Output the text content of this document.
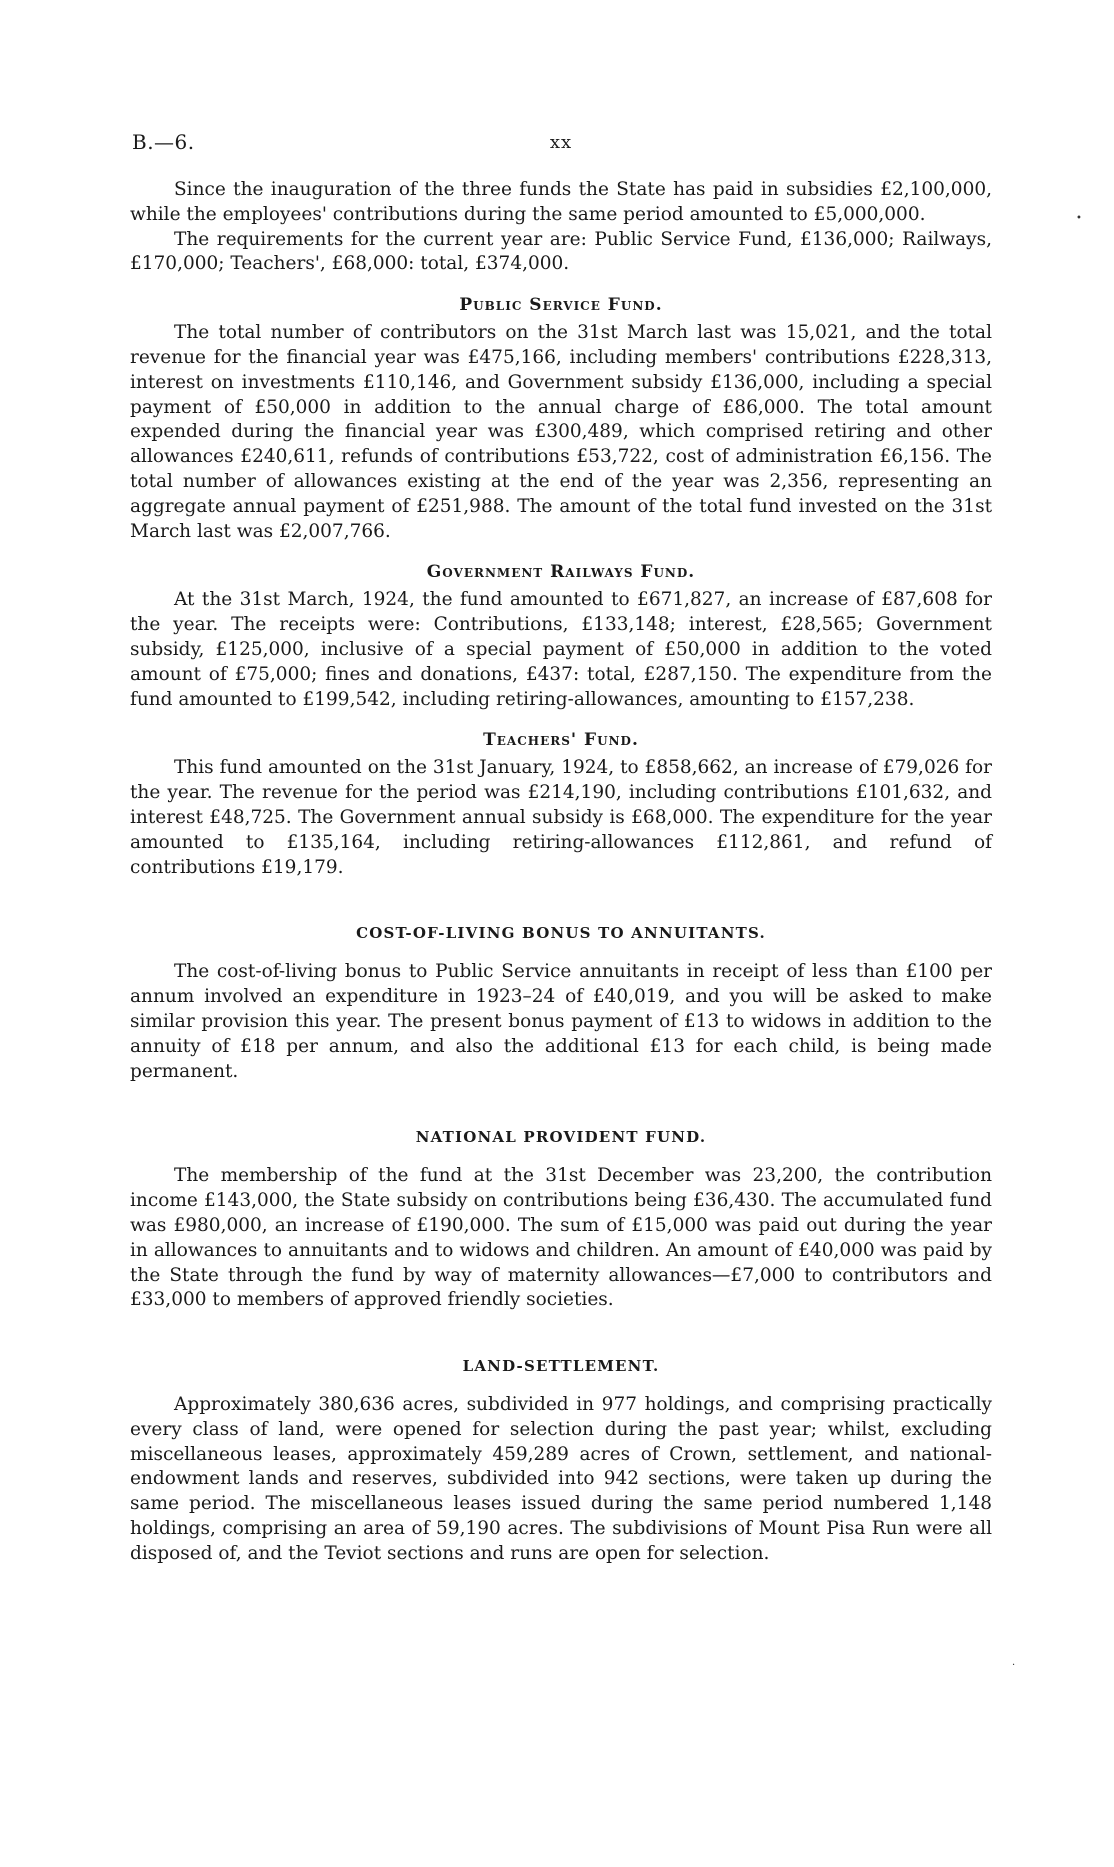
B.—6.	xx

Since the inauguration of the three funds the State has paid in subsidies £2,100,000, while the employees' contributions during the same period amounted to £5,000,000.

The requirements for the current year are: Public Service Fund, £136,000; Railways, £170,000; Teachers', £68,000: total, £374,000.

Public Service Fund.

The total number of contributors on the 31st March last was 15,021, and the total revenue for the financial year was £475,166, including members' contributions £228,313, interest on investments £110,146, and Government subsidy £136,000, including a special payment of £50,000 in addition to the annual charge of £86,000. The total amount expended during the financial year was £300,489, which comprised retiring and other allowances £240,611, refunds of contributions £53,722, cost of administration £6,156. The total number of allowances existing at the end of the year was 2,356, representing an aggregate annual payment of £251,988. The amount of the total fund invested on the 31st March last was £2,007,766.

Government Railways Fund.

At the 31st March, 1924, the fund amounted to £671,827, an increase of £87,608 for the year. The receipts were: Contributions, £133,148; interest, £28,565; Government subsidy, £125,000, inclusive of a special payment of £50,000 in addition to the voted amount of £75,000; fines and donations, £437: total, £287,150. The expenditure from the fund amounted to £199,542, including retiring-allowances, amounting to £157,238.

Teachers' Fund.

This fund amounted on the 31st January, 1924, to £858,662, an increase of £79,026 for the year. The revenue for the period was £214,190, including contributions £101,632, and interest £48,725. The Government annual subsidy is £68,000. The expenditure for the year amounted to £135,164, including retiring-allowances £112,861, and refund of contributions £19,179.

COST-OF-LIVING BONUS TO ANNUITANTS.

The cost-of-living bonus to Public Service annuitants in receipt of less than £100 per annum involved an expenditure in 1923–24 of £40,019, and you will be asked to make similar provision this year. The present bonus payment of £13 to widows in addition to the annuity of £18 per annum, and also the additional £13 for each child, is being made permanent.

NATIONAL PROVIDENT FUND.

The membership of the fund at the 31st December was 23,200, the contribution income £143,000, the State subsidy on contributions being £36,430. The accumulated fund was £980,000, an increase of £190,000. The sum of £15,000 was paid out during the year in allowances to annuitants and to widows and children. An amount of £40,000 was paid by the State through the fund by way of maternity allowances—£7,000 to contributors and £33,000 to members of approved friendly societies.

LAND-SETTLEMENT.

Approximately 380,636 acres, subdivided in 977 holdings, and comprising practically every class of land, were opened for selection during the past year; whilst, excluding miscellaneous leases, approximately 459,289 acres of Crown, settlement, and national-endowment lands and reserves, subdivided into 942 sections, were taken up during the same period. The miscellaneous leases issued during the same period numbered 1,148 holdings, comprising an area of 59,190 acres. The subdivisions of Mount Pisa Run were all disposed of, and the Teviot sections and runs are open for selection.

•
·
